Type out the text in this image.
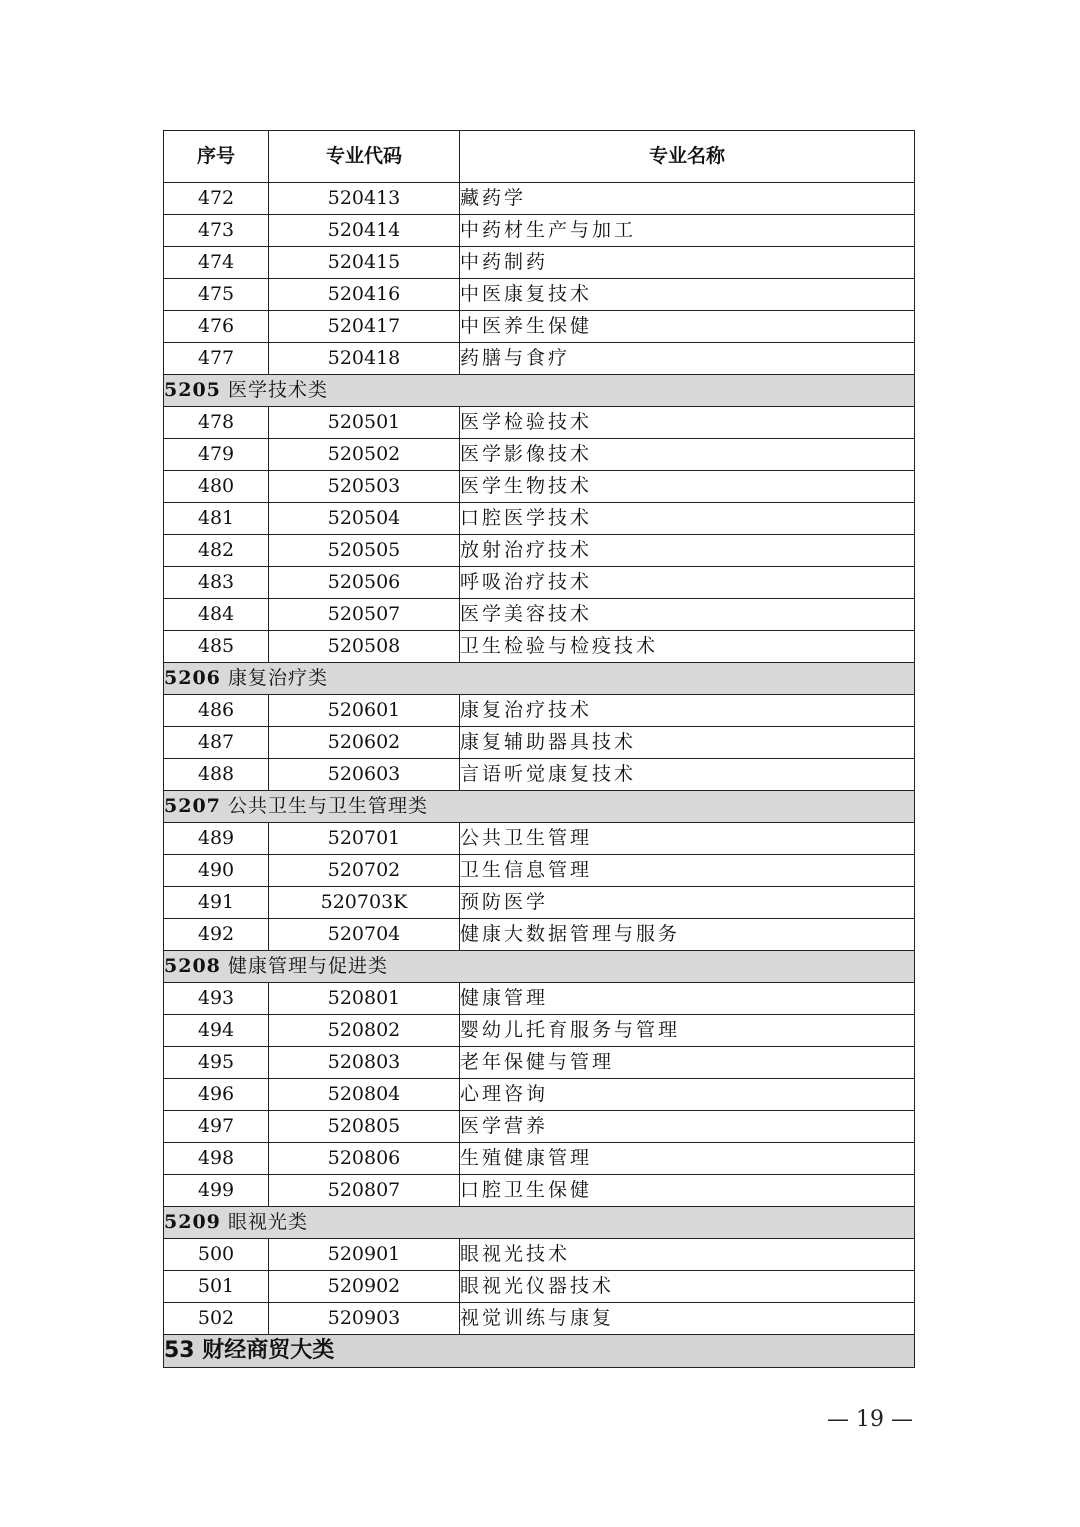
序号	专业代码	专业名称
472	520413	藏药学
473	520414	中药材生产与加工
474	520415	中药制药
475	520416	中医康复技术
476	520417	中医养生保健
477	520418	药膳与食疗
5205 医学技术类		
478	520501	医学检验技术
479	520502	医学影像技术
480	520503	医学生物技术
481	520504	口腔医学技术
482	520505	放射治疗技术
483	520506	呼吸治疗技术
484	520507	医学美容技术
485	520508	卫生检验与检疫技术
5206 康复治疗类		
486	520601	康复治疗技术
487	520602	康复辅助器具技术
488	520603	言语听觉康复技术
5207 公共卫生与卫生管理类		
489	520701	公共卫生管理
490	520702	卫生信息管理
491	520703K	预防医学
492	520704	健康大数据管理与服务
5208 健康管理与促进类		
493	520801	健康管理
494	520802	婴幼儿托育服务与管理
495	520803	老年保健与管理
496	520804	心理咨询
497	520805	医学营养
498	520806	生殖健康管理
499	520807	口腔卫生保健
5209 眼视光类		
500	520901	眼视光技术
501	520902	眼视光仪器技术
502	520903	视觉训练与康复
53 财经商贸大类		
— 19 —
